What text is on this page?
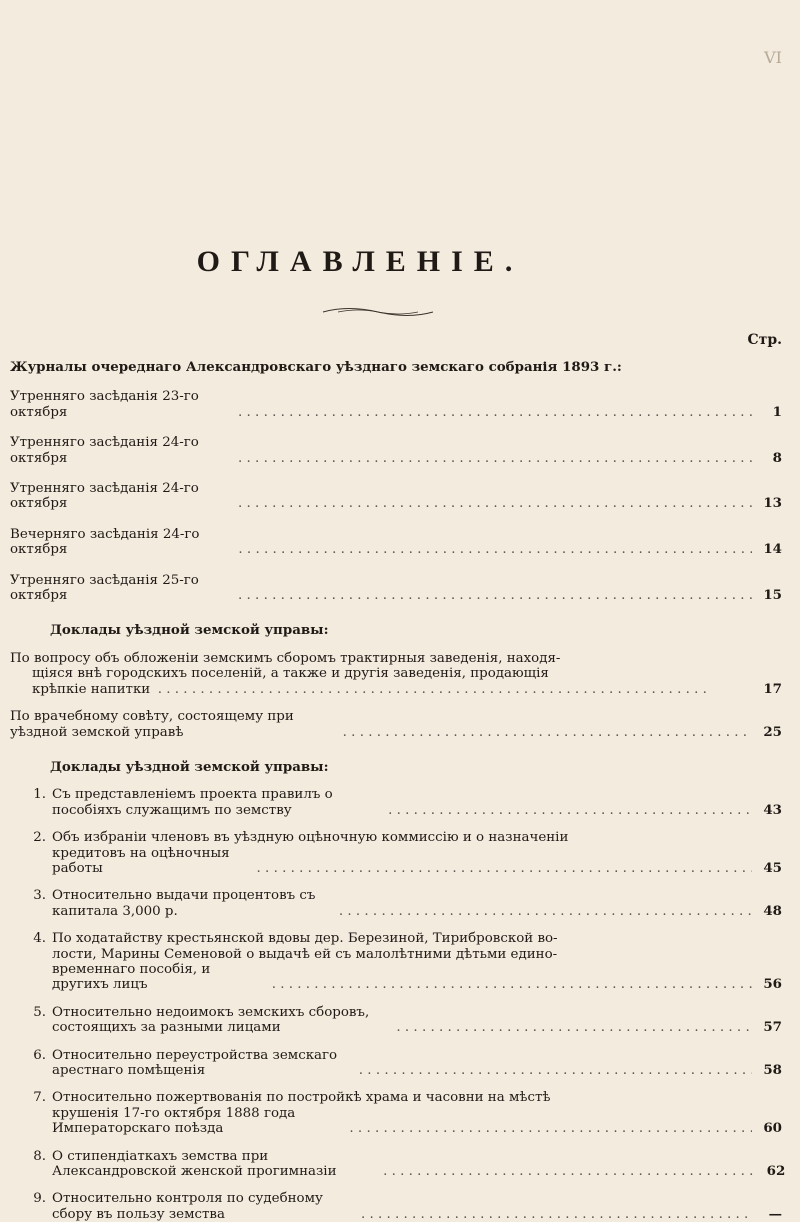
VI
ОГЛАВЛЕНІЕ.
Стр.
Журналы очереднаго Александровскаго уѣзднаго земскаго собранія 1893 г.:
Утренняго засѣданія 23-го октября . . .	1
Утренняго засѣданія 24-го октября . . .	8
Утренняго засѣданія 24-го октября . . .	13
Вечерняго засѣданія 24-го октября . . .	14
Утренняго засѣданія 25-го октября . . .	15
Доклады уѣздной земской управы:
По вопросу объ обложеніи земскимъ сборомъ трактирныя заведенія, находя-
щіяся внѣ городскихъ поселеній, а также и другія заведенія, продающія
крѣпкіе напитки . . .	17
По врачебному совѣту, состоящему при уѣздной земской управѣ . . .	25
Доклады уѣздной земской управы:
1. Съ представленіемъ проекта правилъ о пособіяхъ служащимъ по земству . . .	43
2. Объ избраніи членовъ въ уѣздную оцѣночную коммиссію и о назначеніи
кредитовъ на оцѣночныя работы . . .	45
3. Относительно выдачи процентовъ съ капитала 3,000 р. . . .	48
4. По ходатайству крестьянской вдовы дер. Березиной, Тирибровской во-
лости, Марины Семеновой о выдачѣ ей съ малолѣтними дѣтьми едино-
временнаго пособія, и другихъ лицъ . . .	56
5. Относительно недоимокъ земскихъ сборовъ, состоящихъ за разными лицами . . .	57
6. Относительно переустройства земскаго арестнаго помѣщенія . . .	58
7. Относительно пожертвованія по постройкѣ храма и часовни на мѣстѣ
крушенія 17-го октября 1888 года Императорскаго поѣзда . . .	60
8. О стипендіаткахъ земства при Александровской женской прогимназіи . . .	62
9. Относительно контроля по судебному сбору въ пользу земства . . .	—
